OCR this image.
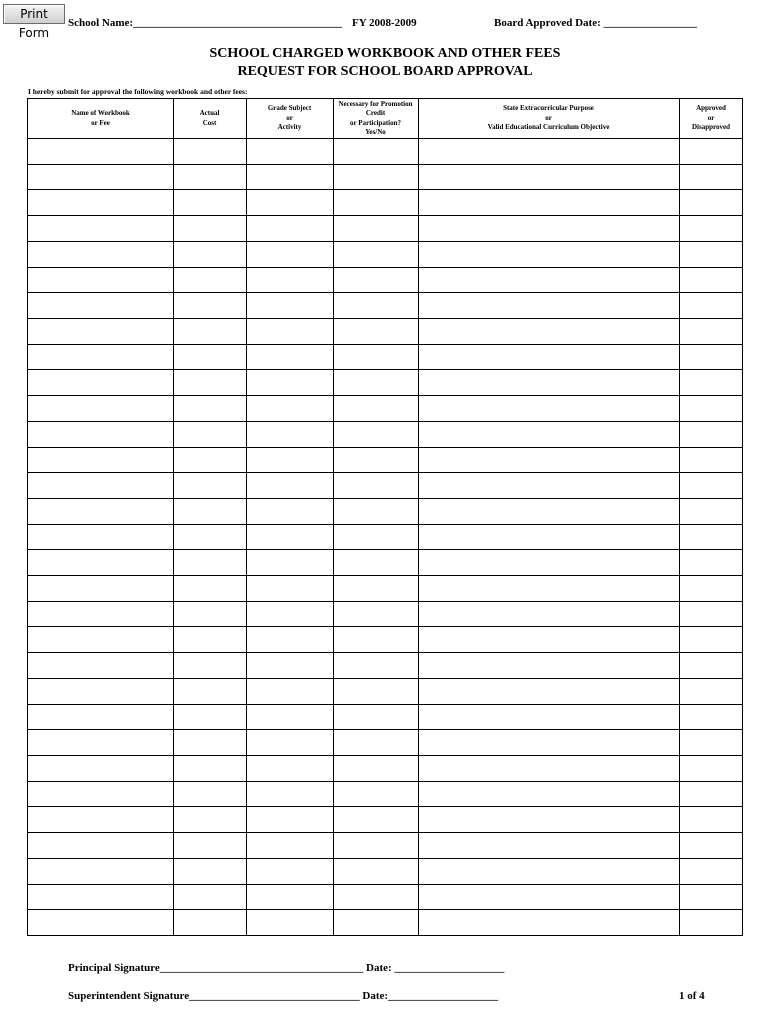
Print Form
School Name:______________________________________ FY 2008-2009	Board Approved Date: _________________
SCHOOL CHARGED WORKBOOK AND OTHER FEES
REQUEST FOR SCHOOL BOARD APPROVAL
I hereby submit for approval the following workbook and other fees:
Name of Workbook
or Fee
Actual
Cost
Grade Subject
or
Activity
Necessary for Promotion
Credit
or Participation?
Yes/No
State Extracurricular Purpose
or
Valid Educational Curriculum Objective
Approved
or
Disapproved
Principal Signature_____________________________________ Date: ____________________
Superintendent Signature_______________________________ Date:____________________	1 of 4
